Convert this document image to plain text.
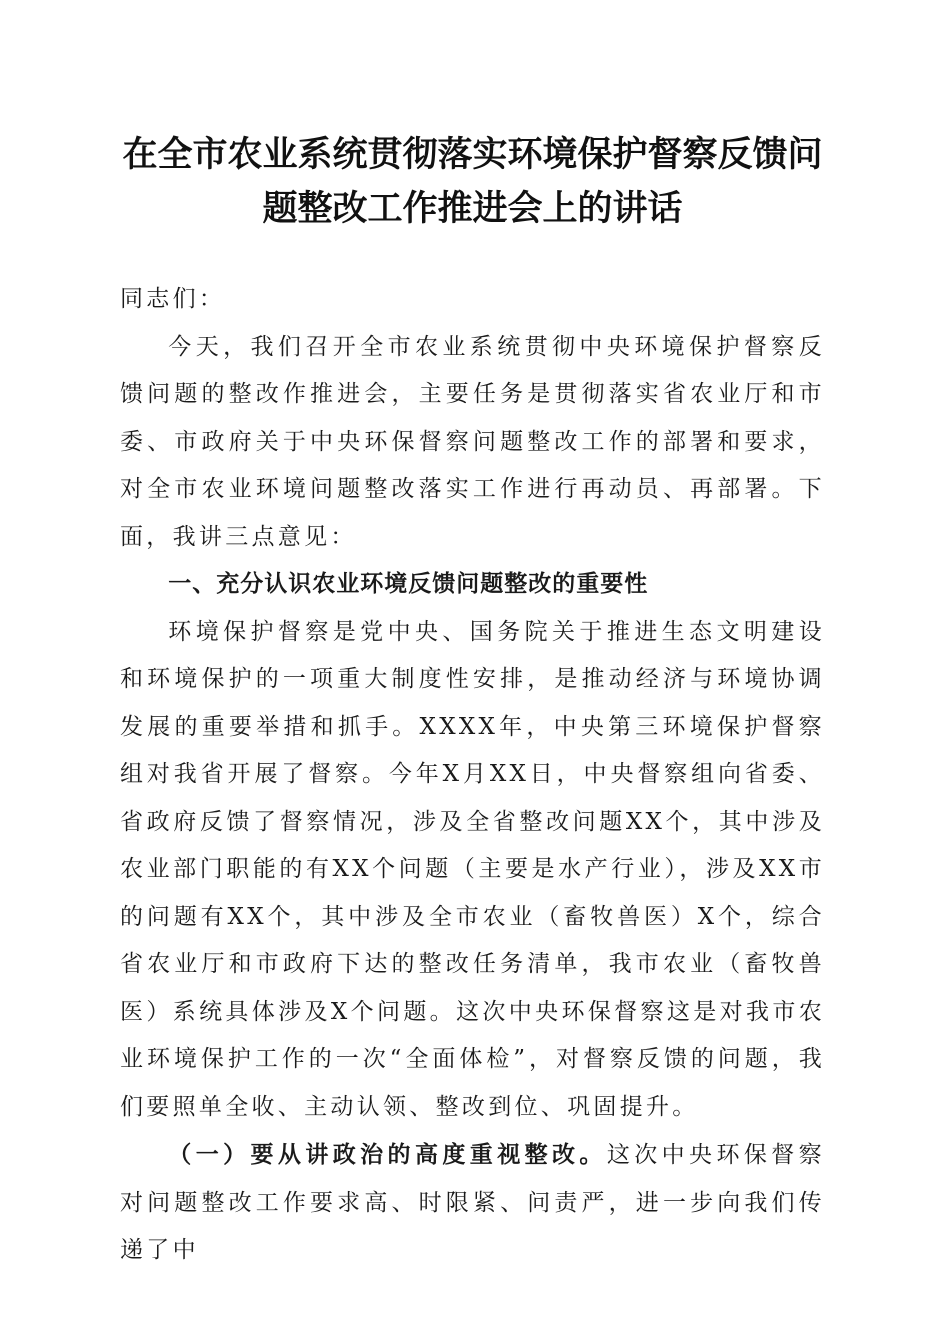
在全市农业系统贯彻落实环境保护督察反馈问
题整改工作推进会上的讲话

同志们：

今天，我们召开全市农业系统贯彻中央环境保护督察反馈问题的整改作推进会，主要任务是贯彻落实省农业厅和市委、市政府关于中央环保督察问题整改工作的部署和要求，对全市农业环境问题整改落实工作进行再动员、再部署。下面，我讲三点意见：

一、充分认识农业环境反馈问题整改的重要性

环境保护督察是党中央、国务院关于推进生态文明建设和环境保护的一项重大制度性安排，是推动经济与环境协调发展的重要举措和抓手。XXXX年，中央第三环境保护督察组对我省开展了督察。今年X月XX日，中央督察组向省委、省政府反馈了督察情况，涉及全省整改问题XX个，其中涉及农业部门职能的有XX个问题（主要是水产行业），涉及XX市的问题有XX个，其中涉及全市农业（畜牧兽医）X个，综合省农业厅和市政府下达的整改任务清单，我市农业（畜牧兽医）系统具体涉及X个问题。这次中央环保督察这是对我市农业环境保护工作的一次“全面体检”，对督察反馈的问题，我们要照单全收、主动认领、整改到位、巩固提升。

（一）要从讲政治的高度重视整改。这次中央环保督察对问题整改工作要求高、时限紧、问责严，进一步向我们传递了中
